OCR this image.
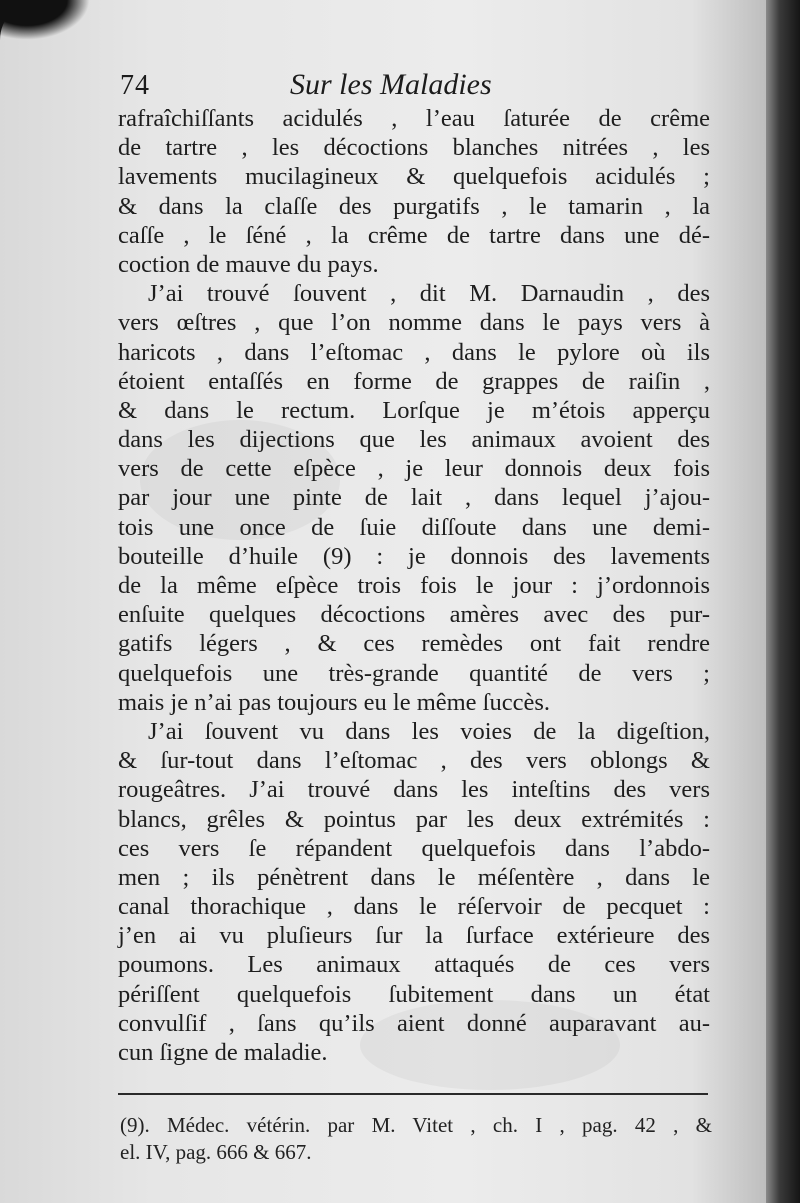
74	Sur les Maladies
rafraîchiſſants acidulés , l’eau ſaturée de crême
de tartre , les décoctions blanches nitrées , les
lavements mucilagineux & quelquefois acidulés ;
& dans la claſſe des purgatifs , le tamarin , la
caſſe , le ſéné , la crême de tartre dans une dé-
coction de mauve du pays.
J’ai trouvé ſouvent , dit M. Darnaudin , des
vers œſtres , que l’on nomme dans le pays vers à
haricots , dans l’eſtomac , dans le pylore où ils
étoient entaſſés en forme de grappes de raiſin ,
& dans le rectum. Lorſque je m’étois apperçu
dans les dijections que les animaux avoient des
vers de cette eſpèce , je leur donnois deux fois
par jour une pinte de lait , dans lequel j’ajou-
tois une once de ſuie diſſoute dans une demi-
bouteille d’huile (9) : je donnois des lavements
de la même eſpèce trois fois le jour : j’ordonnois
enſuite quelques décoctions amères avec des pur-
gatifs légers , & ces remèdes ont fait rendre
quelquefois une très-grande quantité de vers ;
mais je n’ai pas toujours eu le même ſuccès.
J’ai ſouvent vu dans les voies de la digeſtion,
& ſur-tout dans l’eſtomac , des vers oblongs &
rougeâtres. J’ai trouvé dans les inteſtins des vers
blancs, grêles & pointus par les deux extrémités :
ces vers ſe répandent quelquefois dans l’abdo-
men ; ils pénètrent dans le méſentère , dans le
canal thorachique , dans le réſervoir de pecquet :
j’en ai vu pluſieurs ſur la ſurface extérieure des
poumons. Les animaux attaqués de ces vers
périſſent quelquefois ſubitement dans un état
convulſif , ſans qu’ils aient donné auparavant au-
cun ſigne de maladie.
(9). Médec. vétérin. par M. Vitet , ch. I , pag. 42 , &
el. IV, pag. 666 & 667.
